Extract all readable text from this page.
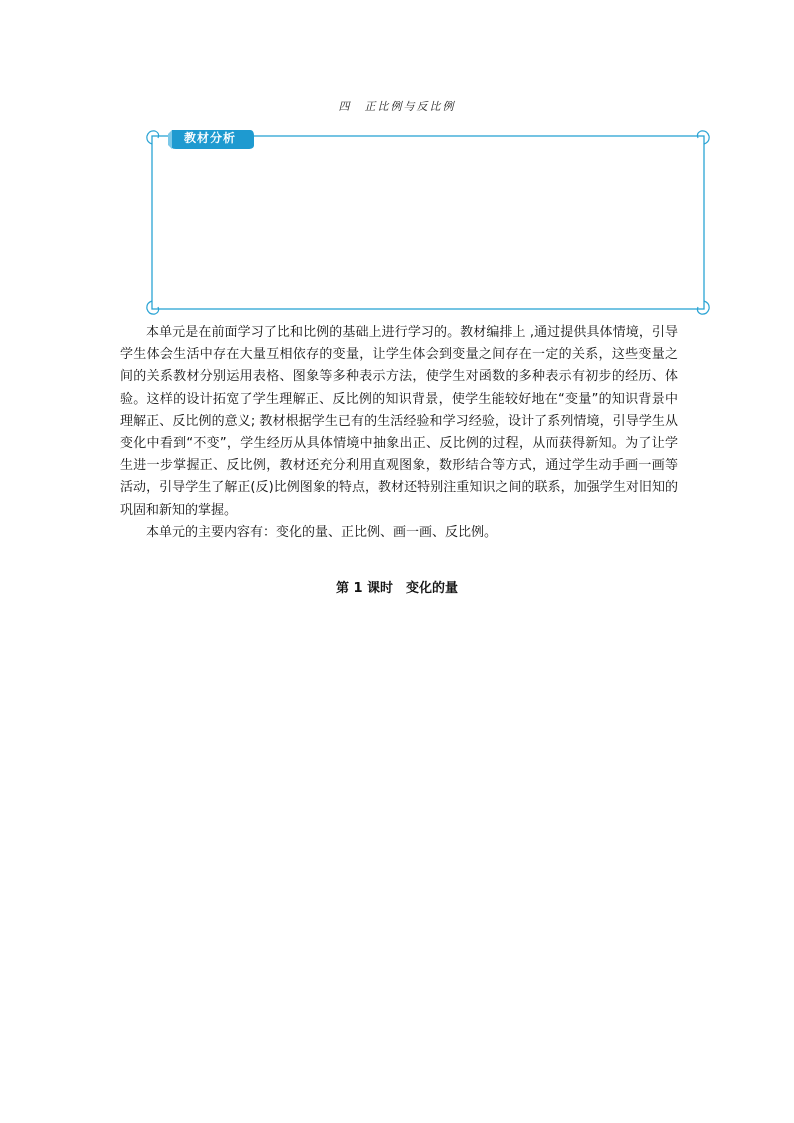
四　正比例与反比例
教材分析

本单元是在前面学习了比和比例的基础上进行学习的。教材编排上 ,通过提供具体情境，引导学生体会生活中存在大量互相依存的变量，让学生体会到变量之间存在一定的关系，这些变量之间的关系教材分别运用表格、图象等多种表示方法，使学生对函数的多种表示有初步的经历、体验。这样的设计拓宽了学生理解正、反比例的知识背景，使学生能较好地在“变量”的知识背景中理解正、反比例的意义; 教材根据学生已有的生活经验和学习经验，设计了系列情境，引导学生从变化中看到“不变”，学生经历从具体情境中抽象出正、反比例的过程，从而获得新知。为了让学生进一步掌握正、反比例，教材还充分利用直观图象，数形结合等方式，通过学生动手画一画等活动，引导学生了解正(反)比例图象的特点，教材还特别注重知识之间的联系，加强学生对旧知的巩固和新知的掌握。

本单元的主要内容有：变化的量、正比例、画一画、反比例。

第 1 课时　变化的量
